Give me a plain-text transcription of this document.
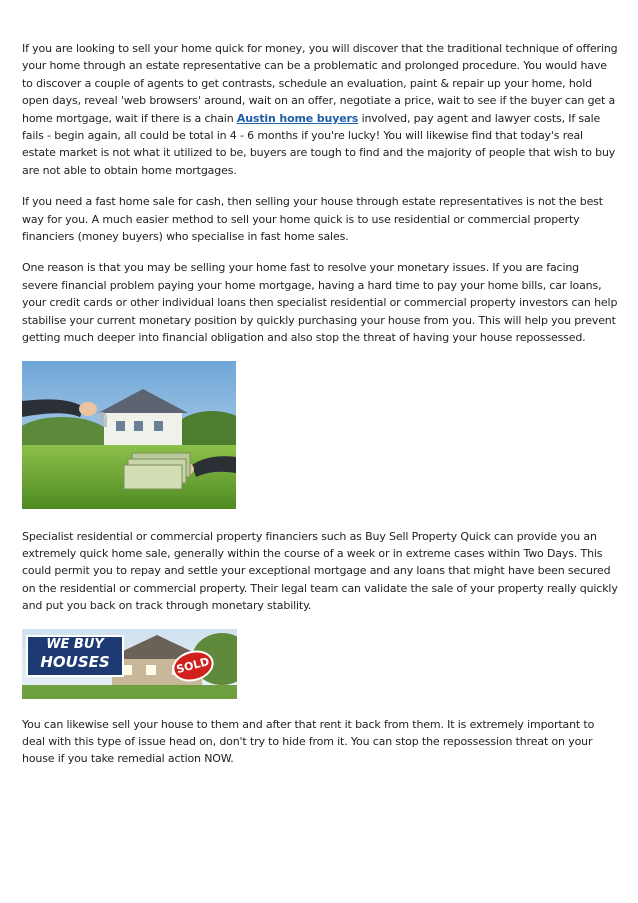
If you are looking to sell your home quick for money, you will discover that the traditional technique of offering your home through an estate representative can be a problematic and prolonged procedure. You would have to discover a couple of agents to get contrasts, schedule an evaluation, paint & repair up your home, hold open days, reveal 'web browsers' around, wait on an offer, negotiate a price, wait to see if the buyer can get a home mortgage, wait if there is a chain Austin home buyers involved, pay agent and lawyer costs, If sale fails - begin again, all could be total in 4 - 6 months if you're lucky! You will likewise find that today's real estate market is not what it utilized to be, buyers are tough to find and the majority of people that wish to buy are not able to obtain home mortgages.

If you need a fast home sale for cash, then selling your house through estate representatives is not the best way for you. A much easier method to sell your home quick is to use residential or commercial property financiers (money buyers) who specialise in fast home sales.

One reason is that you may be selling your home fast to resolve your monetary issues. If you are facing severe financial problem paying your home mortgage, having a hard time to pay your home bills, car loans, your credit cards or other individual loans then specialist residential or commercial property investors can help stabilise your current monetary position by quickly purchasing your house from you. This will help you prevent getting much deeper into financial obligation and also stop the threat of having your house repossessed.

Specialist residential or commercial property financiers such as Buy Sell Property Quick can provide you an extremely quick home sale, generally within the course of a week or in extreme cases within Two Days. This could permit you to repay and settle your exceptional mortgage and any loans that might have been secured on the residential or commercial property. Their legal team can validate the sale of your property really quickly and put you back on track through monetary stability.

WE BUY
HOUSES	SOLD

You can likewise sell your house to them and after that rent it back from them. It is extremely important to deal with this type of issue head on, don't try to hide from it. You can stop the repossession threat on your house if you take remedial action NOW.
